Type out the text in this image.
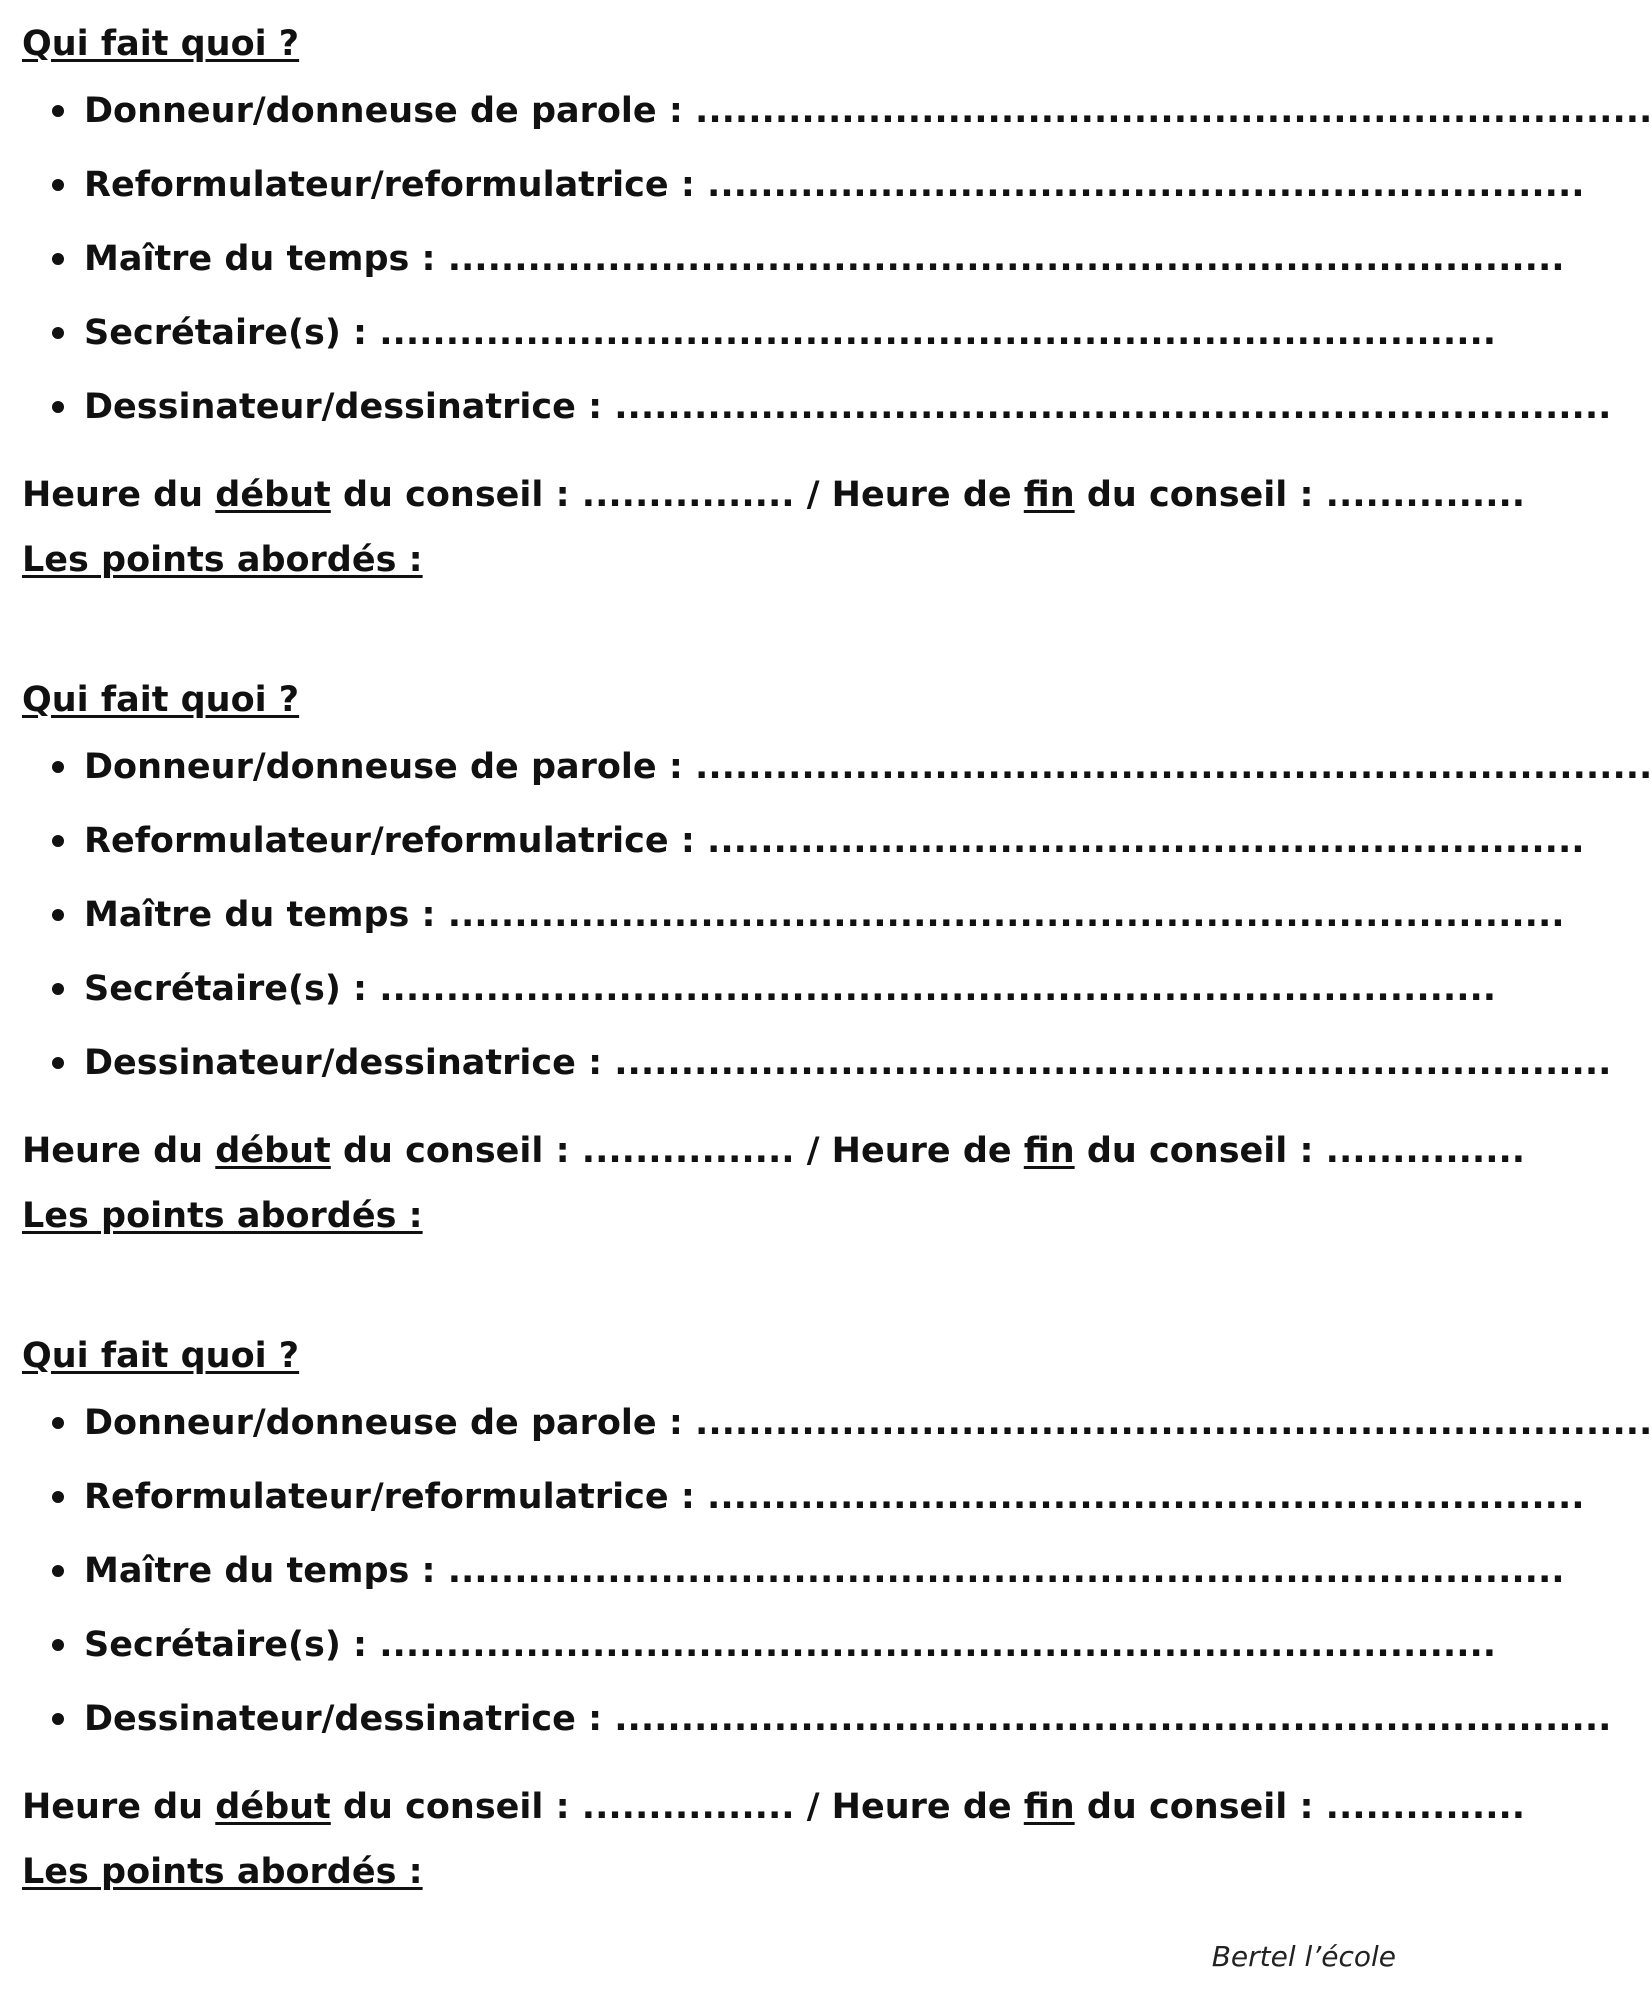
Qui fait quoi ?
Donneur/donneuse de parole : ........................................................................
Reformulateur/reformulatrice : ..................................................................
Maître du temps : ....................................................................................
Secrétaire(s) : ....................................................................................
Dessinateur/dessinatrice : ...........................................................................
Heure du début du conseil : ................ / Heure de fin du conseil : ...............
Les points abordés :
Qui fait quoi ?
Donneur/donneuse de parole : ........................................................................
Reformulateur/reformulatrice : ..................................................................
Maître du temps : ....................................................................................
Secrétaire(s) : ....................................................................................
Dessinateur/dessinatrice : ...........................................................................
Heure du début du conseil : ................ / Heure de fin du conseil : ...............
Les points abordés :
Qui fait quoi ?
Donneur/donneuse de parole : ........................................................................
Reformulateur/reformulatrice : ..................................................................
Maître du temps : ....................................................................................
Secrétaire(s) : ....................................................................................
Dessinateur/dessinatrice : ...........................................................................
Heure du début du conseil : ................ / Heure de fin du conseil : ...............
Les points abordés :
Bertel l’école
